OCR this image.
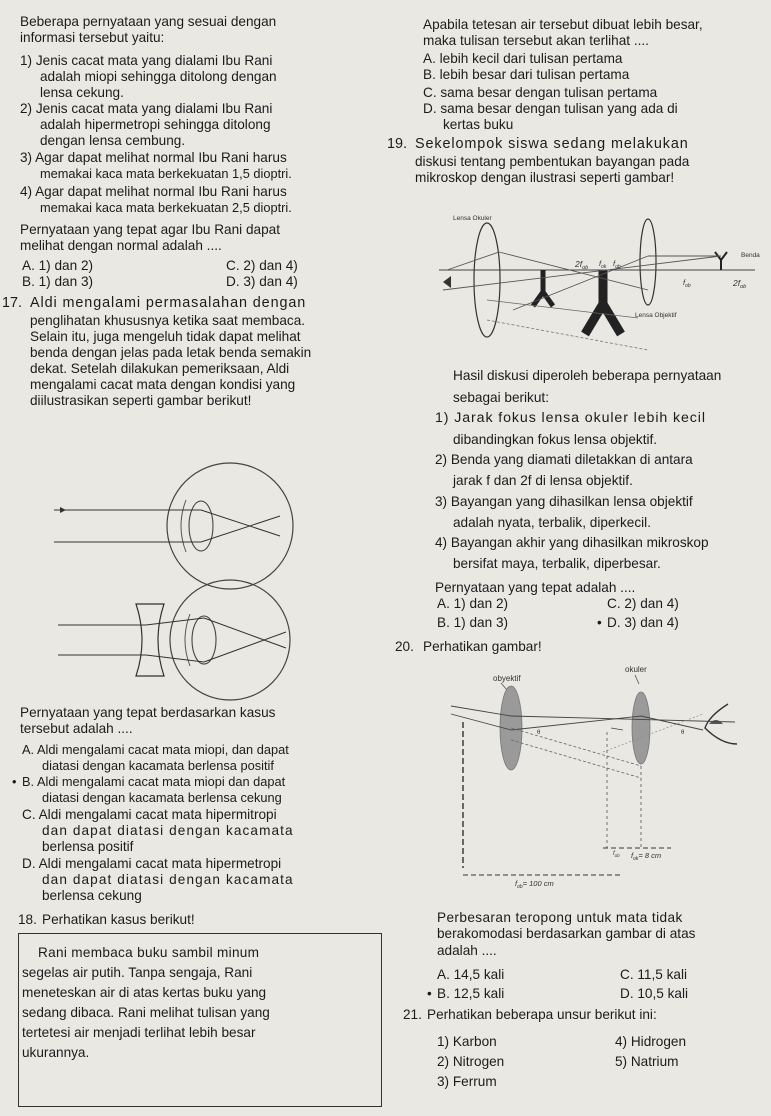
Beberapa pernyataan yang sesuai dengan
informasi tersebut yaitu:
1) Jenis cacat mata yang dialami Ibu Rani
adalah miopi sehingga ditolong dengan
lensa cekung.
2) Jenis cacat mata yang dialami Ibu Rani
adalah hipermetropi sehingga ditolong
dengan lensa cembung.
3) Agar dapat melihat normal Ibu Rani harus
memakai kaca mata berkekuatan 1,5 dioptri.
4) Agar dapat melihat normal Ibu Rani harus
memakai kaca mata berkekuatan 2,5 dioptri.
Pernyataan yang tepat agar Ibu Rani dapat
melihat dengan normal adalah ....
A. 1) dan 2)	C. 2) dan 4)
B. 1) dan 3)	D. 3) dan 4)
17. Aldi mengalami permasalahan dengan
penglihatan khususnya ketika saat membaca.
Selain itu, juga mengeluh tidak dapat melihat
benda dengan jelas pada letak benda semakin
dekat. Setelah dilakukan pemeriksaan, Aldi
mengalami cacat mata dengan kondisi yang
diilustrasikan seperti gambar berikut!
Pernyataan yang tepat berdasarkan kasus
tersebut adalah ....
A. Aldi mengalami cacat mata miopi, dan dapat
diatasi dengan kacamata berlensa positif
• B. Aldi mengalami cacat mata miopi dan dapat
diatasi dengan kacamata berlensa cekung
C. Aldi mengalami cacat mata hipermitropi
dan dapat diatasi dengan kacamata
berlensa positif
D. Aldi mengalami cacat mata hipermetropi
dan dapat diatasi dengan kacamata
berlensa cekung
18. Perhatikan kasus berikut!
Rani membaca buku sambil minum
segelas air putih. Tanpa sengaja, Rani
meneteskan air di atas kertas buku yang
sedang dibaca. Rani melihat tulisan yang
tertetesi air menjadi terlihat lebih besar
ukurannya.
Apabila tetesan air tersebut dibuat lebih besar,
maka tulisan tersebut akan terlihat ....
A. lebih kecil dari tulisan pertama
B. lebih besar dari tulisan pertama
C. sama besar dengan tulisan pertama
D. sama besar dengan tulisan yang ada di
kertas buku
19. Sekelompok siswa sedang melakukan
diskusi tentang pembentukan bayangan pada
mikroskop dengan ilustrasi seperti gambar!
Lensa Okuler
Lensa Objektif
Benda
$2f_{ob}$ $f_{ok}$ $f_{ob}$
$f_{ob}$	$2f_{ob}$
Hasil diskusi diperoleh beberapa pernyataan
sebagai berikut:
1) Jarak fokus lensa okuler lebih kecil
dibandingkan fokus lensa objektif.
2) Benda yang diamati diletakkan di antara
jarak f dan 2f di lensa objektif.
3) Bayangan yang dihasilkan lensa objektif
adalah nyata, terbalik, diperkecil.
4) Bayangan akhir yang dihasilkan mikroskop
bersifat maya, terbalik, diperbesar.
Pernyataan yang tepat adalah ....
A. 1) dan 2)	C. 2) dan 4)
B. 1) dan 3)
•	D. 3) dan 4)
20. Perhatikan gambar!
obyektif
okuler
θ	θ
$f_{ok}= 8$ cm
$f_{ob}$
$f_{ob}= 100$ cm
Perbesaran teropong untuk mata tidak
berakomodasi berdasarkan gambar di atas
adalah ....
A. 14,5 kali	C. 11,5 kali
• B. 12,5 kali	D. 10,5 kali
21. Perhatikan beberapa unsur berikut ini:
1) Karbon	4) Hidrogen
2) Nitrogen	5) Natrium
3) Ferrum
